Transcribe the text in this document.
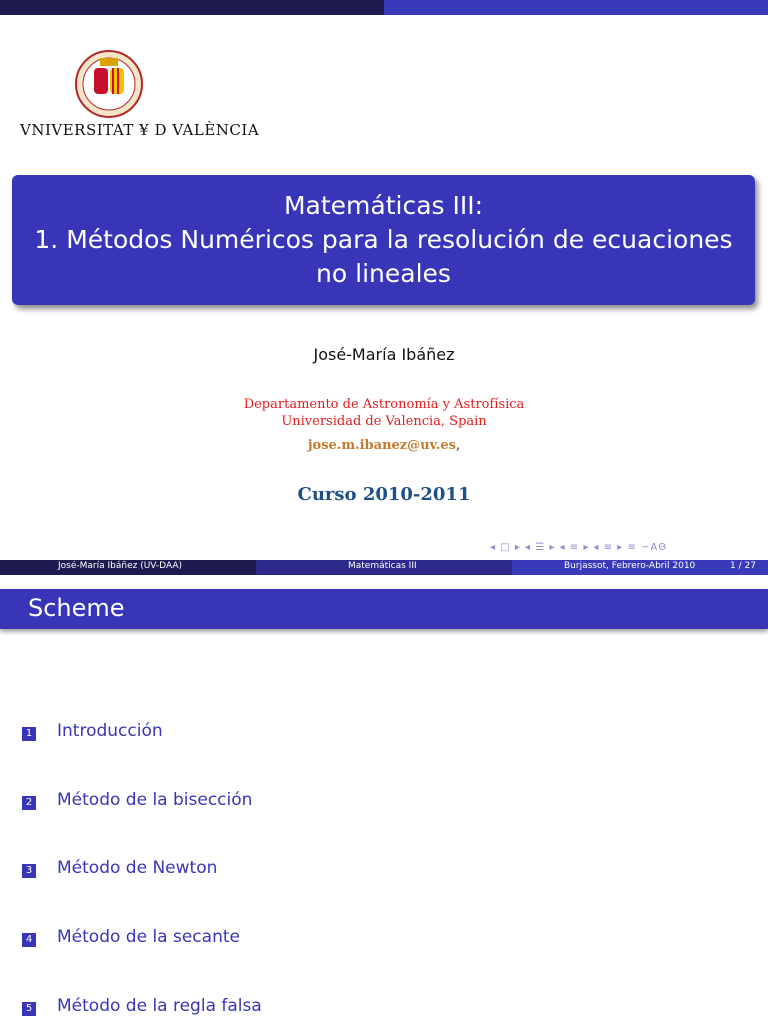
VNIVERSITAT ¥ D VALÈNCIA
Matemáticas III:
1. Métodos Numéricos para la resolución de ecuaciones
no lineales
José-María Ibáñez
Departamento de Astronomía y Astrofísica
Universidad de Valencia, Spain
jose.m.ibanez@uv.es,
Curso 2010-2011
◂ □ ▸ ◂ ☰ ▸ ◂ ≡ ▸ ◂ ≡ ▸ ≡ ∽ΑΘ
José-María Ibáñez (UV-DAA)	Matemáticas III	Burjassot, Febrero-Abril 2010	1 / 27
Scheme
1 Introducción
2 Método de la bisección
3 Método de Newton
4 Método de la secante
5 Método de la regla falsa
